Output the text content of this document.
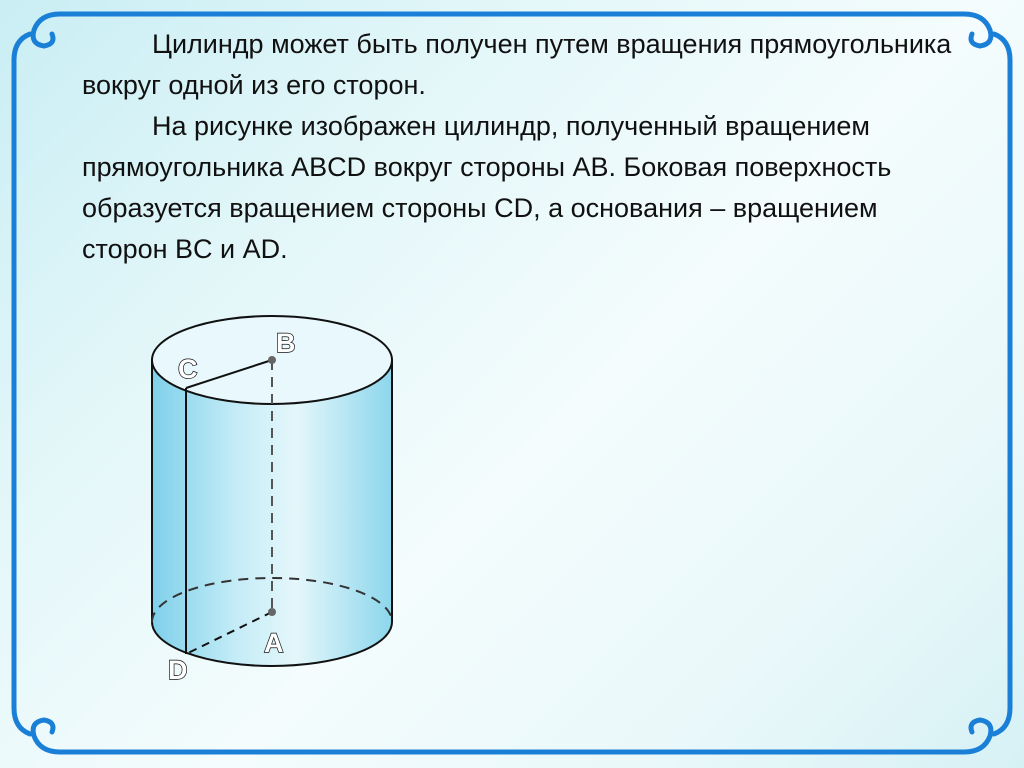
Цилиндр может быть получен путем вращения прямоугольника вокруг одной из его сторон.

На рисунке изображен цилиндр, полученный вращением прямоугольника ABCD вокруг стороны AB. Боковая поверхность образуется вращением стороны CD, а основания – вращением сторон BC и AD.

B
C
A
D
